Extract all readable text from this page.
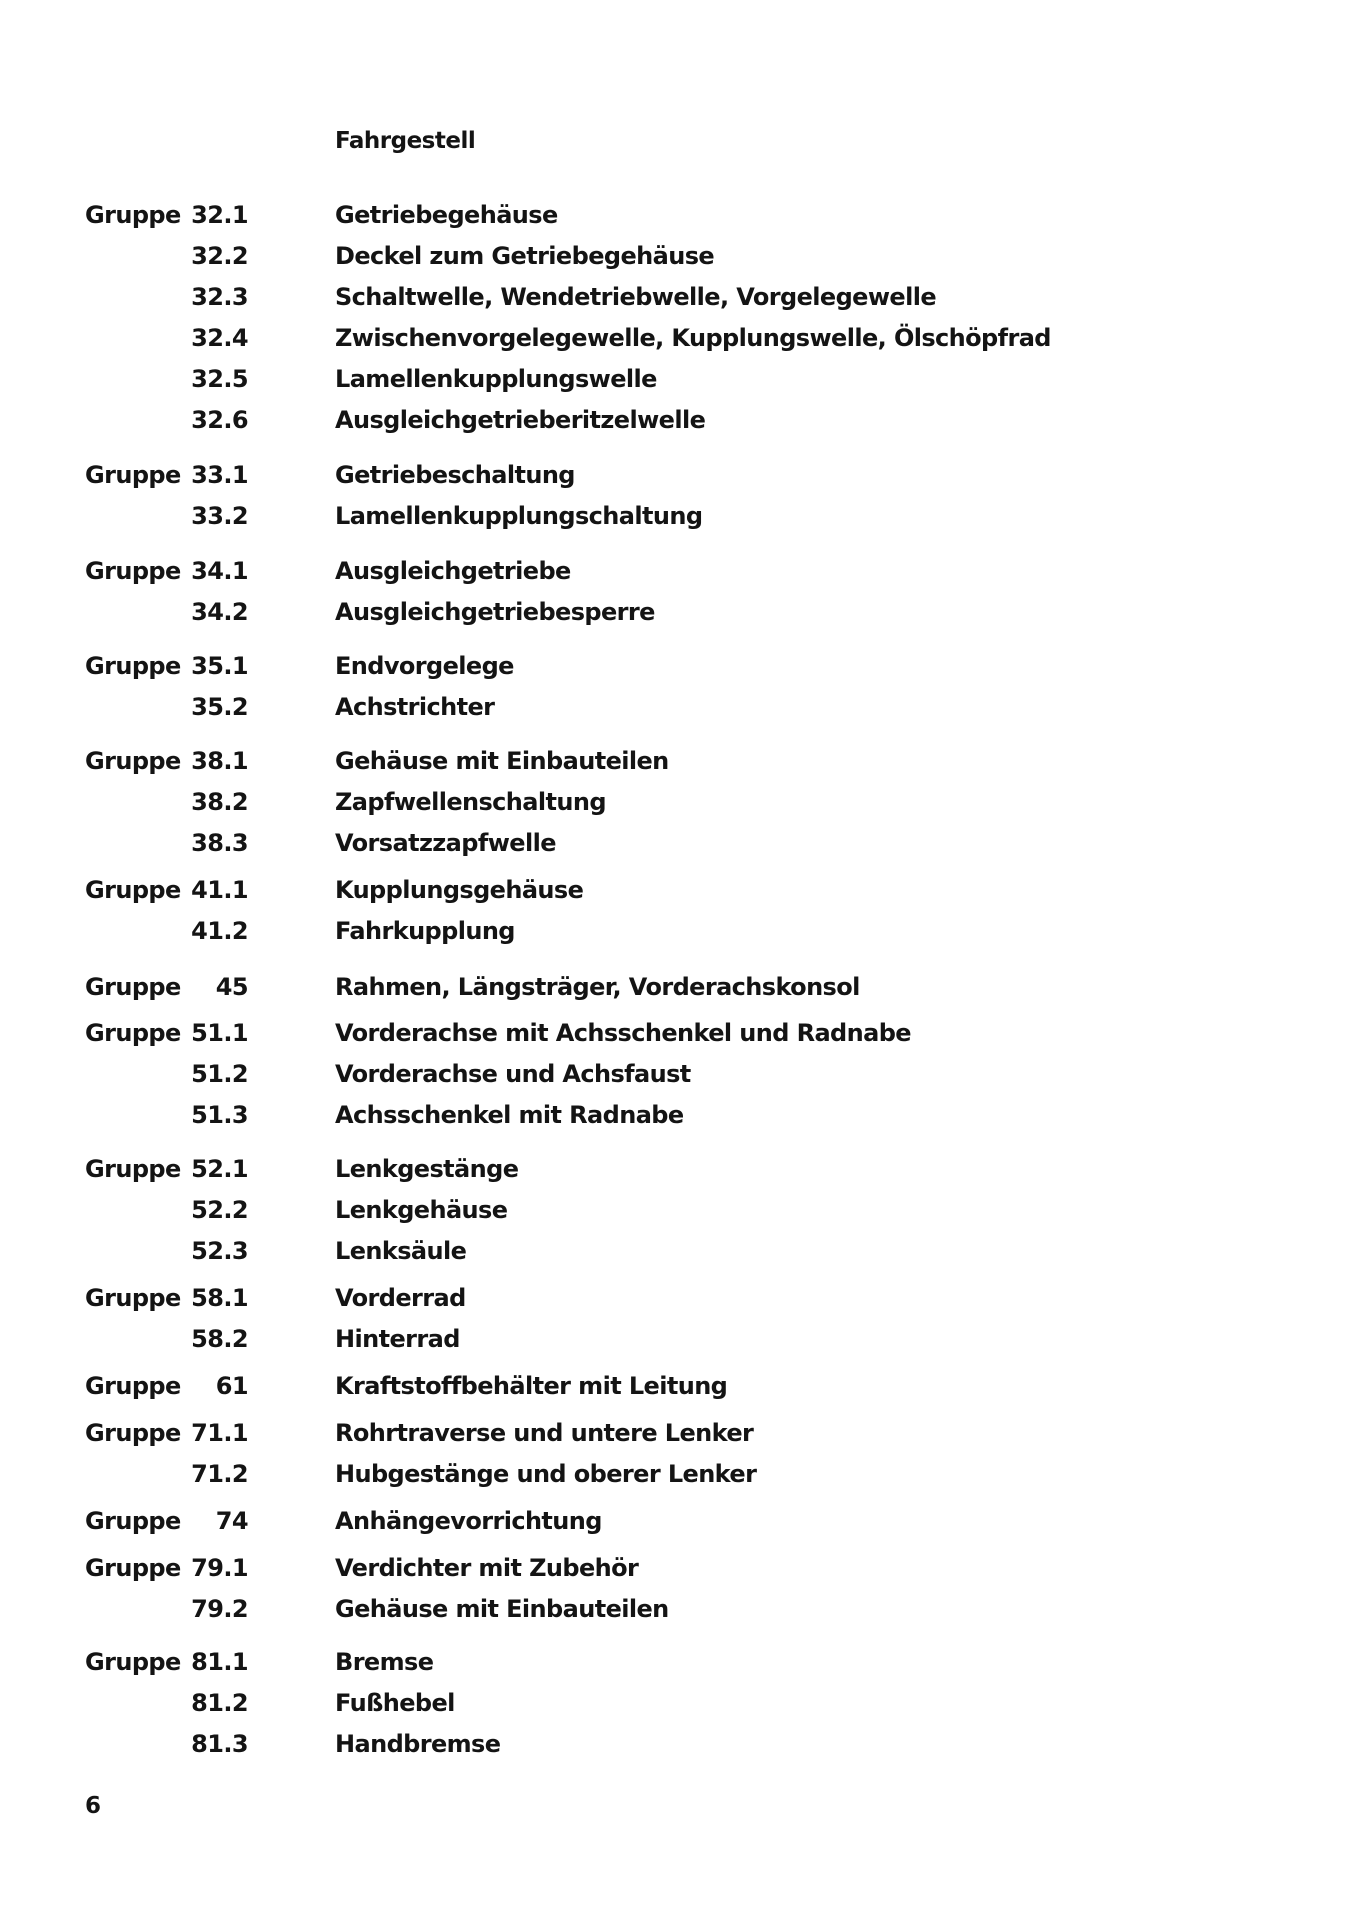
Fahrgestell
Gruppe 32.1	Getriebegehäuse
32.2	Deckel zum Getriebegehäuse
32.3	Schaltwelle, Wendetriebwelle, Vorgelegewelle
32.4	Zwischenvorgelegewelle, Kupplungswelle, Ölschöpfrad
32.5	Lamellenkupplungswelle
32.6	Ausgleichgetrieberitzelwelle
Gruppe 33.1	Getriebeschaltung
33.2	Lamellenkupplungschaltung
Gruppe 34.1	Ausgleichgetriebe
34.2	Ausgleichgetriebesperre
Gruppe 35.1	Endvorgelege
35.2	Achstrichter
Gruppe 38.1	Gehäuse mit Einbauteilen
38.2	Zapfwellenschaltung
38.3	Vorsatzzapfwelle
Gruppe 41.1	Kupplungsgehäuse
41.2	Fahrkupplung
Gruppe	45	Rahmen, Längsträger, Vorderachskonsol
Gruppe 51.1	Vorderachse mit Achsschenkel und Radnabe
51.2	Vorderachse und Achsfaust
51.3	Achsschenkel mit Radnabe
Gruppe 52.1	Lenkgestänge
52.2	Lenkgehäuse
52.3	Lenksäule
Gruppe 58.1	Vorderrad
58.2	Hinterrad
Gruppe	61	Kraftstoffbehälter mit Leitung
Gruppe 71.1	Rohrtraverse und untere Lenker
71.2	Hubgestänge und oberer Lenker
Gruppe	74	Anhängevorrichtung
Gruppe 79.1	Verdichter mit Zubehör
79.2	Gehäuse mit Einbauteilen
Gruppe 81.1	Bremse
81.2	Fußhebel
81.3	Handbremse
6
